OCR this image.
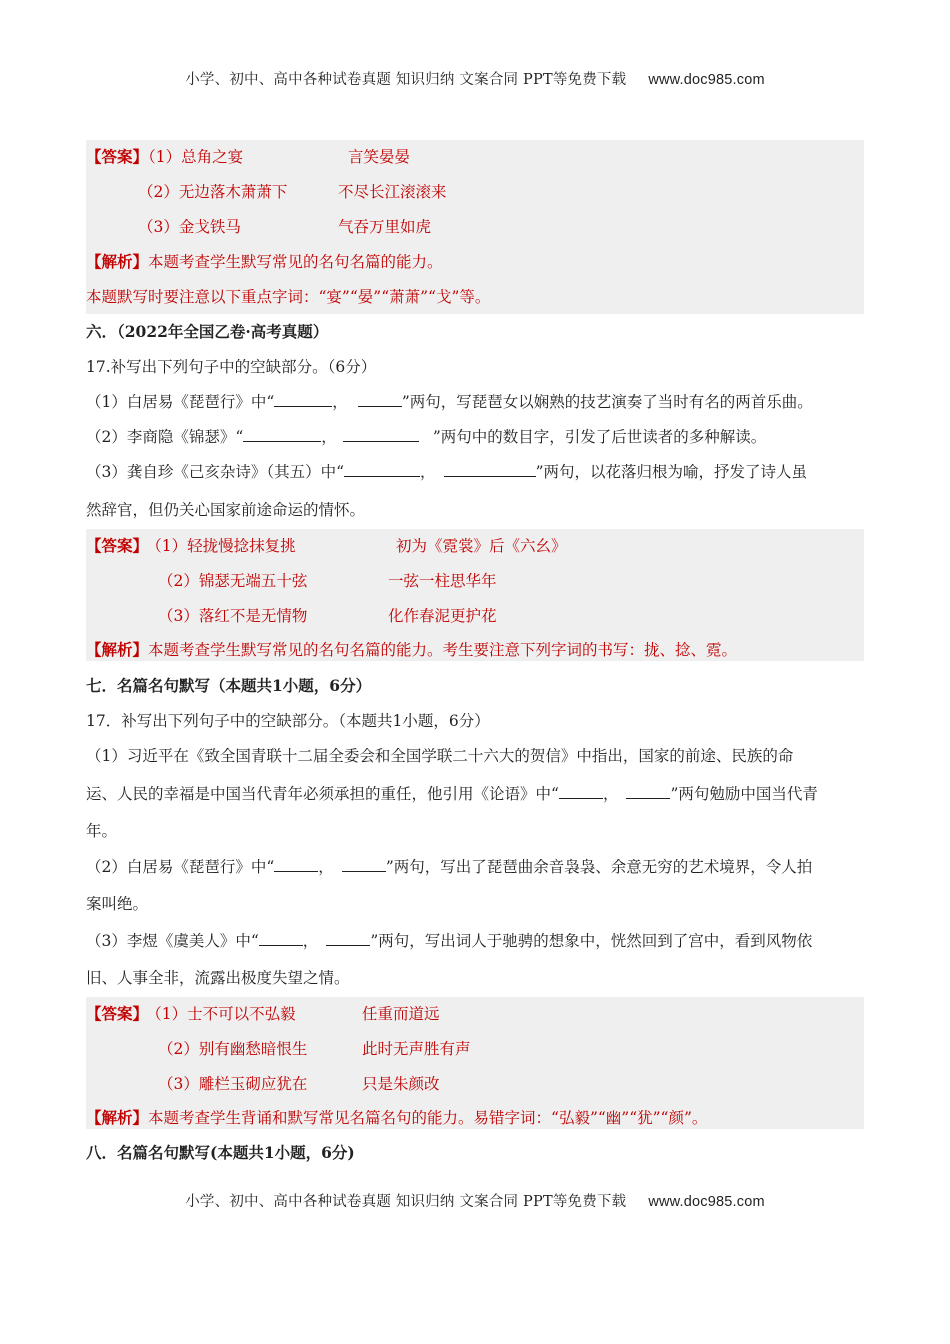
小学、初中、高中各种试卷真题 知识归纳 文案合同 PPT等免费下载 www.doc985.com
【答案】（1）总角之宴	言笑晏晏
（2）无边落木萧萧下	不尽长江滚滚来
（3）金戈铁马	气吞万里如虎
【解析】本题考查学生默写常见的名句名篇的能力。
本题默写时要注意以下重点字词：“宴”“晏”“萧萧”“戈”等。
六．（2022年全国乙卷·高考真题）
17.补写出下列句子中的空缺部分。（6分）
（1）白居易《琵琶行》中“	，	”两句，写琵琶女以娴熟的技艺演奏了当时有名的两首乐曲。
（2）李商隐《锦瑟》“	，	”两句中的数目字，引发了后世读者的多种解读。
（3）龚自珍《己亥杂诗》（其五）中“	，	”两句，以花落归根为喻，抒发了诗人虽
然辞官，但仍关心国家前途命运的情怀。
【答案】 （1）轻拢慢捻抹复挑	初为《霓裳》后《六幺》
（2）锦瑟无端五十弦	一弦一柱思华年
（3）落红不是无情物	化作春泥更护花
【解析】本题考查学生默写常见的名句名篇的能力。考生要注意下列字词的书写：拢、捻、霓。
七．名篇名句默写（本题共1小题，6分）
17．补写出下列句子中的空缺部分。（本题共1小题，6分）
（1）习近平在《致全国青联十二届全委会和全国学联二十六大的贺信》中指出，国家的前途、民族的命
运、人民的幸福是中国当代青年必须承担的重任，他引用《论语》中“	，	”两句勉励中国当代青
年。
（2）白居易《琵琶行》中“	，	”两句，写出了琵琶曲余音袅袅、余意无穷的艺术境界，令人拍
案叫绝。
（3）李煜《虞美人》中“	，	”两句，写出词人于驰骋的想象中，恍然回到了宫中，看到风物依
旧、人事全非，流露出极度失望之情。
【答案】 （1）士不可以不弘毅	任重而道远
（2）别有幽愁暗恨生	此时无声胜有声
（3）雕栏玉砌应犹在	只是朱颜改
【解析】本题考查学生背诵和默写常见名篇名句的能力。易错字词：“弘毅”“幽”“犹”“颜”。
八．名篇名句默写(本题共1小题，6分)
小学、初中、高中各种试卷真题 知识归纳 文案合同 PPT等免费下载 www.doc985.com
